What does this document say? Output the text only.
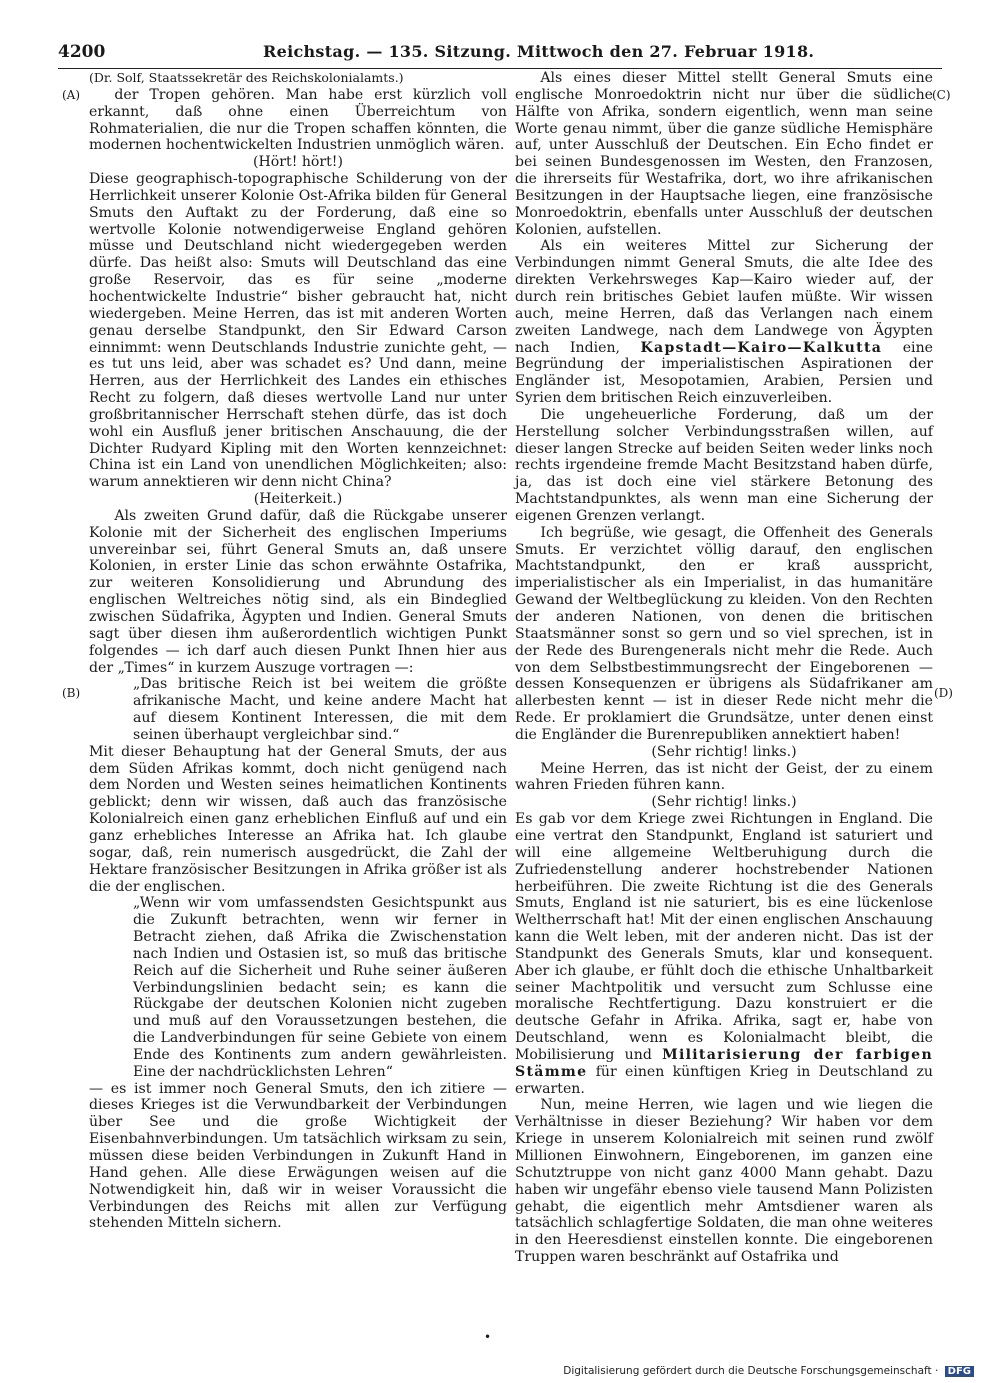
4200	Reichstag. — 135. Sitzung. Mittwoch den 27. Februar 1918.
(A)
(B)
(C)
(D)

(Dr. Solf, Staatssekretär des Reichskolonialamts.)

der Tropen gehören. Man habe erst kürzlich voll erkannt, daß ohne einen Überreichtum von Rohmaterialien, die nur die Tropen schaffen könnten, die modernen hochentwickelten Industrien unmöglich wären.

(Hört! hört!)

Diese geographisch-topographische Schilderung von der Herrlichkeit unserer Kolonie Ost-Afrika bilden für General Smuts den Auftakt zu der Forderung, daß eine so wertvolle Kolonie notwendigerweise England gehören müsse und Deutschland nicht wiedergegeben werden dürfe. Das heißt also: Smuts will Deutschland das eine große Reservoir, das es für seine „moderne hochentwickelte Industrie“ bisher gebraucht hat, nicht wiedergeben. Meine Herren, das ist mit anderen Worten genau derselbe Standpunkt, den Sir Edward Carson einnimmt: wenn Deutschlands Industrie zunichte geht, — es tut uns leid, aber was schadet es? Und dann, meine Herren, aus der Herrlichkeit des Landes ein ethisches Recht zu folgern, daß dieses wertvolle Land nur unter großbritannischer Herrschaft stehen dürfe, das ist doch wohl ein Ausfluß jener britischen Anschauung, die der Dichter Rudyard Kipling mit den Worten kennzeichnet: China ist ein Land von unendlichen Möglichkeiten; also: warum annektieren wir denn nicht China?

(Heiterkeit.)

Als zweiten Grund dafür, daß die Rückgabe unserer Kolonie mit der Sicherheit des englischen Imperiums unvereinbar sei, führt General Smuts an, daß unsere Kolonien, in erster Linie das schon erwähnte Ostafrika, zur weiteren Konsolidierung und Abrundung des englischen Weltreiches nötig sind, als ein Bindeglied zwischen Südafrika, Ägypten und Indien. General Smuts sagt über diesen ihm außerordentlich wichtigen Punkt folgendes — ich darf auch diesen Punkt Ihnen hier aus der „Times“ in kurzem Auszuge vortragen —:

„Das britische Reich ist bei weitem die größte afrikanische Macht, und keine andere Macht hat auf diesem Kontinent Interessen, die mit dem seinen überhaupt vergleichbar sind.“

Mit dieser Behauptung hat der General Smuts, der aus dem Süden Afrikas kommt, doch nicht genügend nach dem Norden und Westen seines heimatlichen Kontinents geblickt; denn wir wissen, daß auch das französische Kolonialreich einen ganz erheblichen Einfluß auf und ein ganz erhebliches Interesse an Afrika hat. Ich glaube sogar, daß, rein numerisch ausgedrückt, die Zahl der Hektare französischer Besitzungen in Afrika größer ist als die der englischen.

„Wenn wir vom umfassendsten Gesichtspunkt aus die Zukunft betrachten, wenn wir ferner in Betracht ziehen, daß Afrika die Zwischenstation nach Indien und Ostasien ist, so muß das britische Reich auf die Sicherheit und Ruhe seiner äußeren Verbindungslinien bedacht sein; es kann die Rückgabe der deutschen Kolonien nicht zugeben und muß auf den Voraussetzungen bestehen, die die Landverbindungen für seine Gebiete von einem Ende des Kontinents zum andern gewährleisten. Eine der nachdrücklichsten Lehren“

— es ist immer noch General Smuts, den ich zitiere — dieses Krieges ist die Verwundbarkeit der Verbindungen über See und die große Wichtigkeit der Eisenbahnverbindungen. Um tatsächlich wirksam zu sein, müssen diese beiden Verbindungen in Zukunft Hand in Hand gehen. Alle diese Erwägungen weisen auf die Notwendigkeit hin, daß wir in weiser Voraussicht die Verbindungen des Reichs mit allen zur Verfügung stehenden Mitteln sichern.

Als eines dieser Mittel stellt General Smuts eine englische Monroedoktrin nicht nur über die südliche Hälfte von Afrika, sondern eigentlich, wenn man seine Worte genau nimmt, über die ganze südliche Hemisphäre auf, unter Ausschluß der Deutschen. Ein Echo findet er bei seinen Bundesgenossen im Westen, den Franzosen, die ihrerseits für Westafrika, dort, wo ihre afrikanischen Besitzungen in der Hauptsache liegen, eine französische Monroedoktrin, ebenfalls unter Ausschluß der deutschen Kolonien, aufstellen.

Als ein weiteres Mittel zur Sicherung der Verbindungen nimmt General Smuts, die alte Idee des direkten Verkehrsweges Kap—Kairo wieder auf, der durch rein britisches Gebiet laufen müßte. Wir wissen auch, meine Herren, daß das Verlangen nach einem zweiten Landwege, nach dem Landwege von Ägypten nach Indien, Kapstadt—Kairo—Kalkutta eine Begründung der imperialistischen Aspirationen der Engländer ist, Mesopotamien, Arabien, Persien und Syrien dem britischen Reich einzuverleiben.

Die ungeheuerliche Forderung, daß um der Herstellung solcher Verbindungsstraßen willen, auf dieser langen Strecke auf beiden Seiten weder links noch rechts irgendeine fremde Macht Besitzstand haben dürfe, ja, das ist doch eine viel stärkere Betonung des Machtstandpunktes, als wenn man eine Sicherung der eigenen Grenzen verlangt.

Ich begrüße, wie gesagt, die Offenheit des Generals Smuts. Er verzichtet völlig darauf, den englischen Machtstandpunkt, den er kraß ausspricht, imperialistischer als ein Imperialist, in das humanitäre Gewand der Weltbeglückung zu kleiden. Von den Rechten der anderen Nationen, von denen die britischen Staatsmänner sonst so gern und so viel sprechen, ist in der Rede des Burengenerals nicht mehr die Rede. Auch von dem Selbstbestimmungsrecht der Eingeborenen — dessen Konsequenzen er übrigens als Südafrikaner am allerbesten kennt — ist in dieser Rede nicht mehr die Rede. Er proklamiert die Grundsätze, unter denen einst die Engländer die Burenrepubliken annektiert haben!

(Sehr richtig! links.)

Meine Herren, das ist nicht der Geist, der zu einem wahren Frieden führen kann.

(Sehr richtig! links.)

Es gab vor dem Kriege zwei Richtungen in England. Die eine vertrat den Standpunkt, England ist saturiert und will eine allgemeine Weltberuhigung durch die Zufriedenstellung anderer hochstrebender Nationen herbeiführen. Die zweite Richtung ist die des Generals Smuts, England ist nie saturiert, bis es eine lückenlose Weltherrschaft hat! Mit der einen englischen Anschauung kann die Welt leben, mit der anderen nicht. Das ist der Standpunkt des Generals Smuts, klar und konsequent. Aber ich glaube, er fühlt doch die ethische Unhaltbarkeit seiner Machtpolitik und versucht zum Schlusse eine moralische Rechtfertigung. Dazu konstruiert er die deutsche Gefahr in Afrika. Afrika, sagt er, habe von Deutschland, wenn es Kolonialmacht bleibt, die Mobilisierung und Militarisierung der farbigen Stämme für einen künftigen Krieg in Deutschland zu erwarten.

Nun, meine Herren, wie lagen und wie liegen die Verhältnisse in dieser Beziehung? Wir haben vor dem Kriege in unserem Kolonialreich mit seinen rund zwölf Millionen Einwohnern, Eingeborenen, im ganzen eine Schutztruppe von nicht ganz 4000 Mann gehabt. Dazu haben wir ungefähr ebenso viele tausend Mann Polizisten gehabt, die eigentlich mehr Amtsdiener waren als tatsächlich schlagfertige Soldaten, die man ohne weiteres in den Heeresdienst einstellen konnte. Die eingeborenen Truppen waren beschränkt auf Ostafrika und

•
Digitalisierung gefördert durch die Deutsche Forschungsgemeinschaft · DFG
